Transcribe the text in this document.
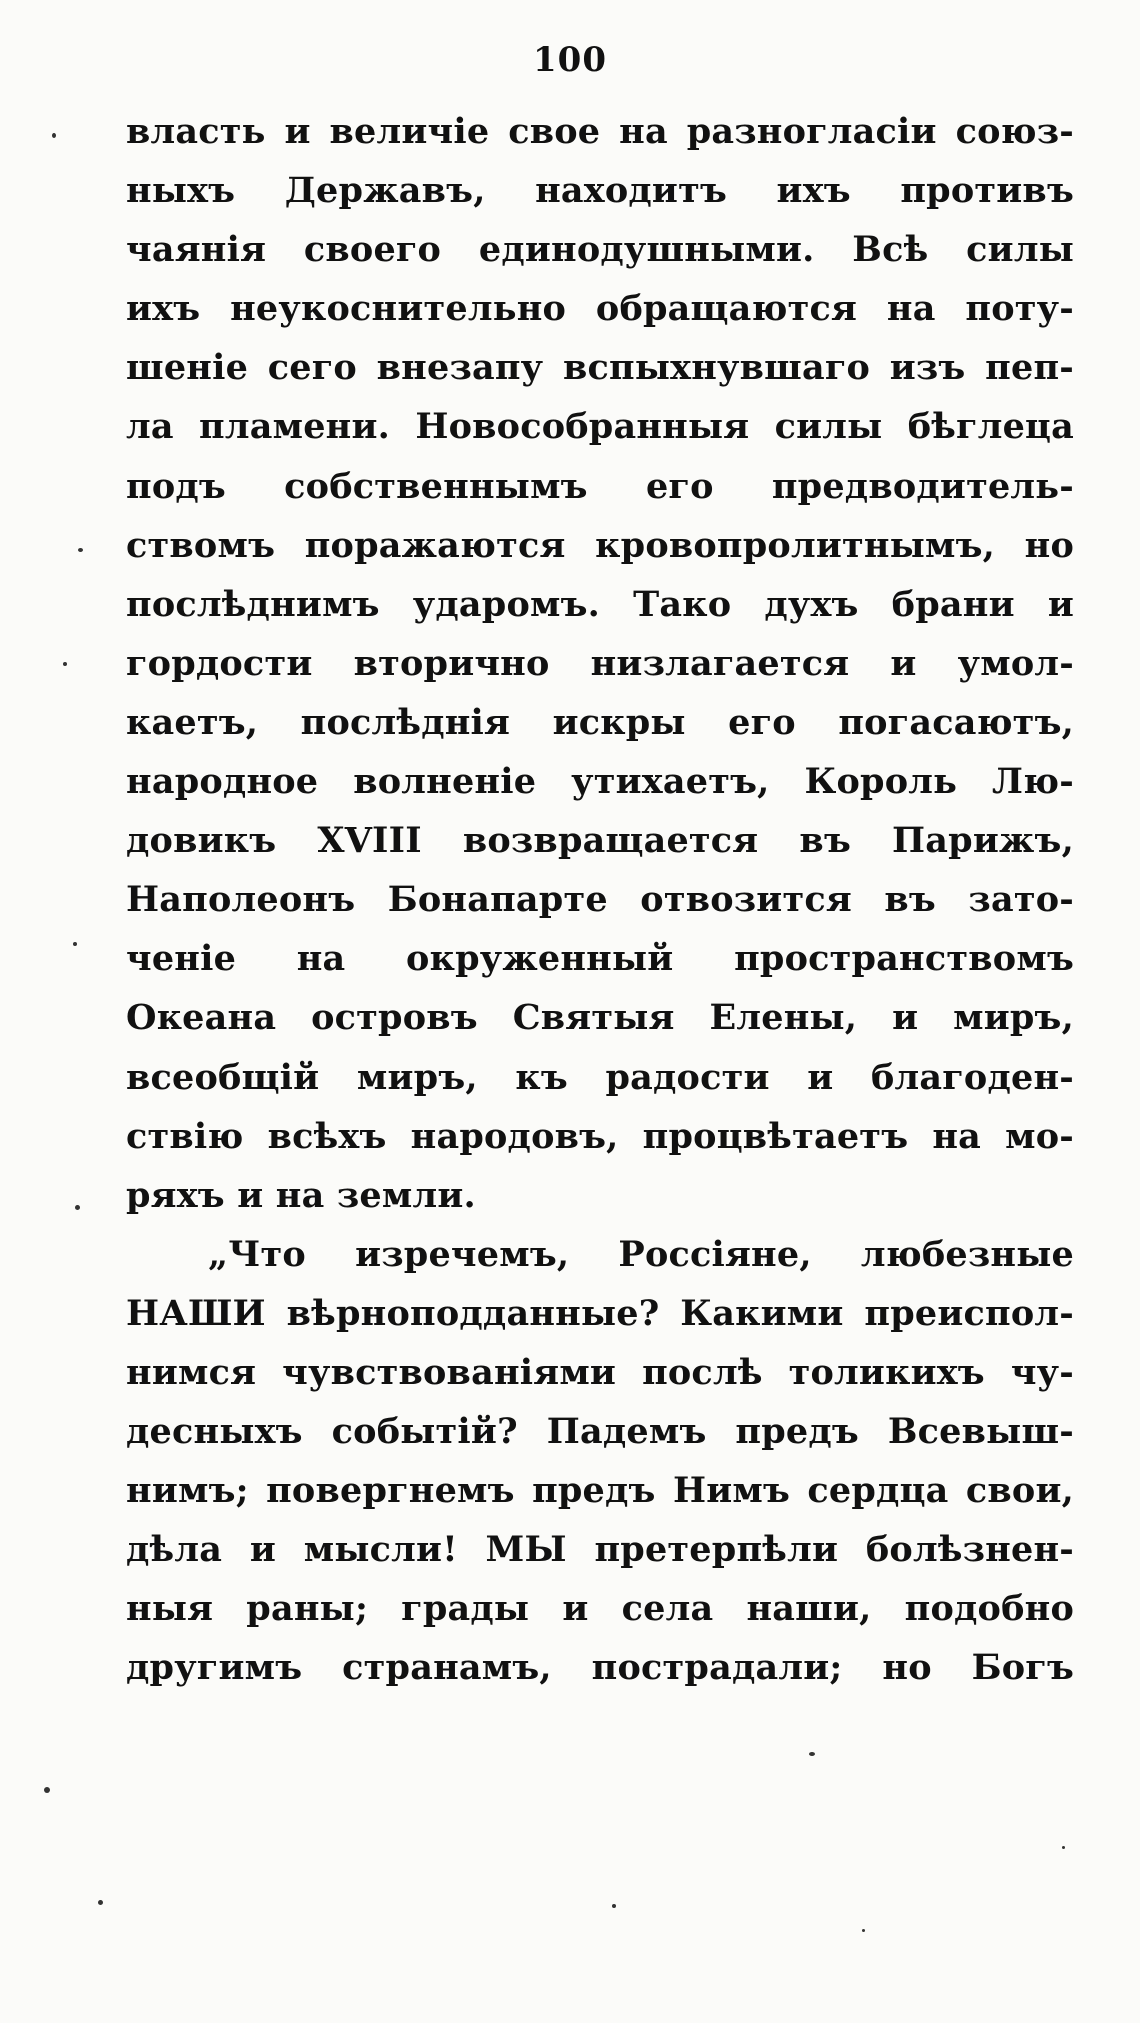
100
власть и величіе свое на разногласіи союз-
ныхъ Державъ, находитъ ихъ противъ
чаянія своего единодушными. Всѣ силы
ихъ неукоснительно обращаются на поту-
шеніе сего внезапу вспыхнувшаго изъ пеп-
ла пламени. Новособранныя силы бѣглеца
подъ собственнымъ его предводитель-
ствомъ поражаются кровопролитнымъ, но
послѣднимъ ударомъ. Тако духъ брани и
гордости вторично низлагается и умол-
каетъ, послѣднія искры его погасаютъ,
народное волненіе утихаетъ, Король Лю-
довикъ XVIII возвращается въ Парижъ,
Наполеонъ Бонапарте отвозится въ зато-
ченіе на окруженный пространствомъ
Океана островъ Святыя Елены, и миръ,
всеобщій миръ, къ радости и благоден-
ствію всѣхъ народовъ, процвѣтаетъ на мо-
ряхъ и на земли.
„Что изречемъ, Россіяне, любезные
НАШИ вѣрноподданные? Какими преиспол-
нимся чувствованіями послѣ толикихъ чу-
десныхъ событій? Падемъ предъ Всевыш-
нимъ; повергнемъ предъ Нимъ сердца свои,
дѣла и мысли! МЫ претерпѣли болѣзнен-
ныя раны; грады и села наши, подобно
другимъ странамъ, пострадали; но Богъ
